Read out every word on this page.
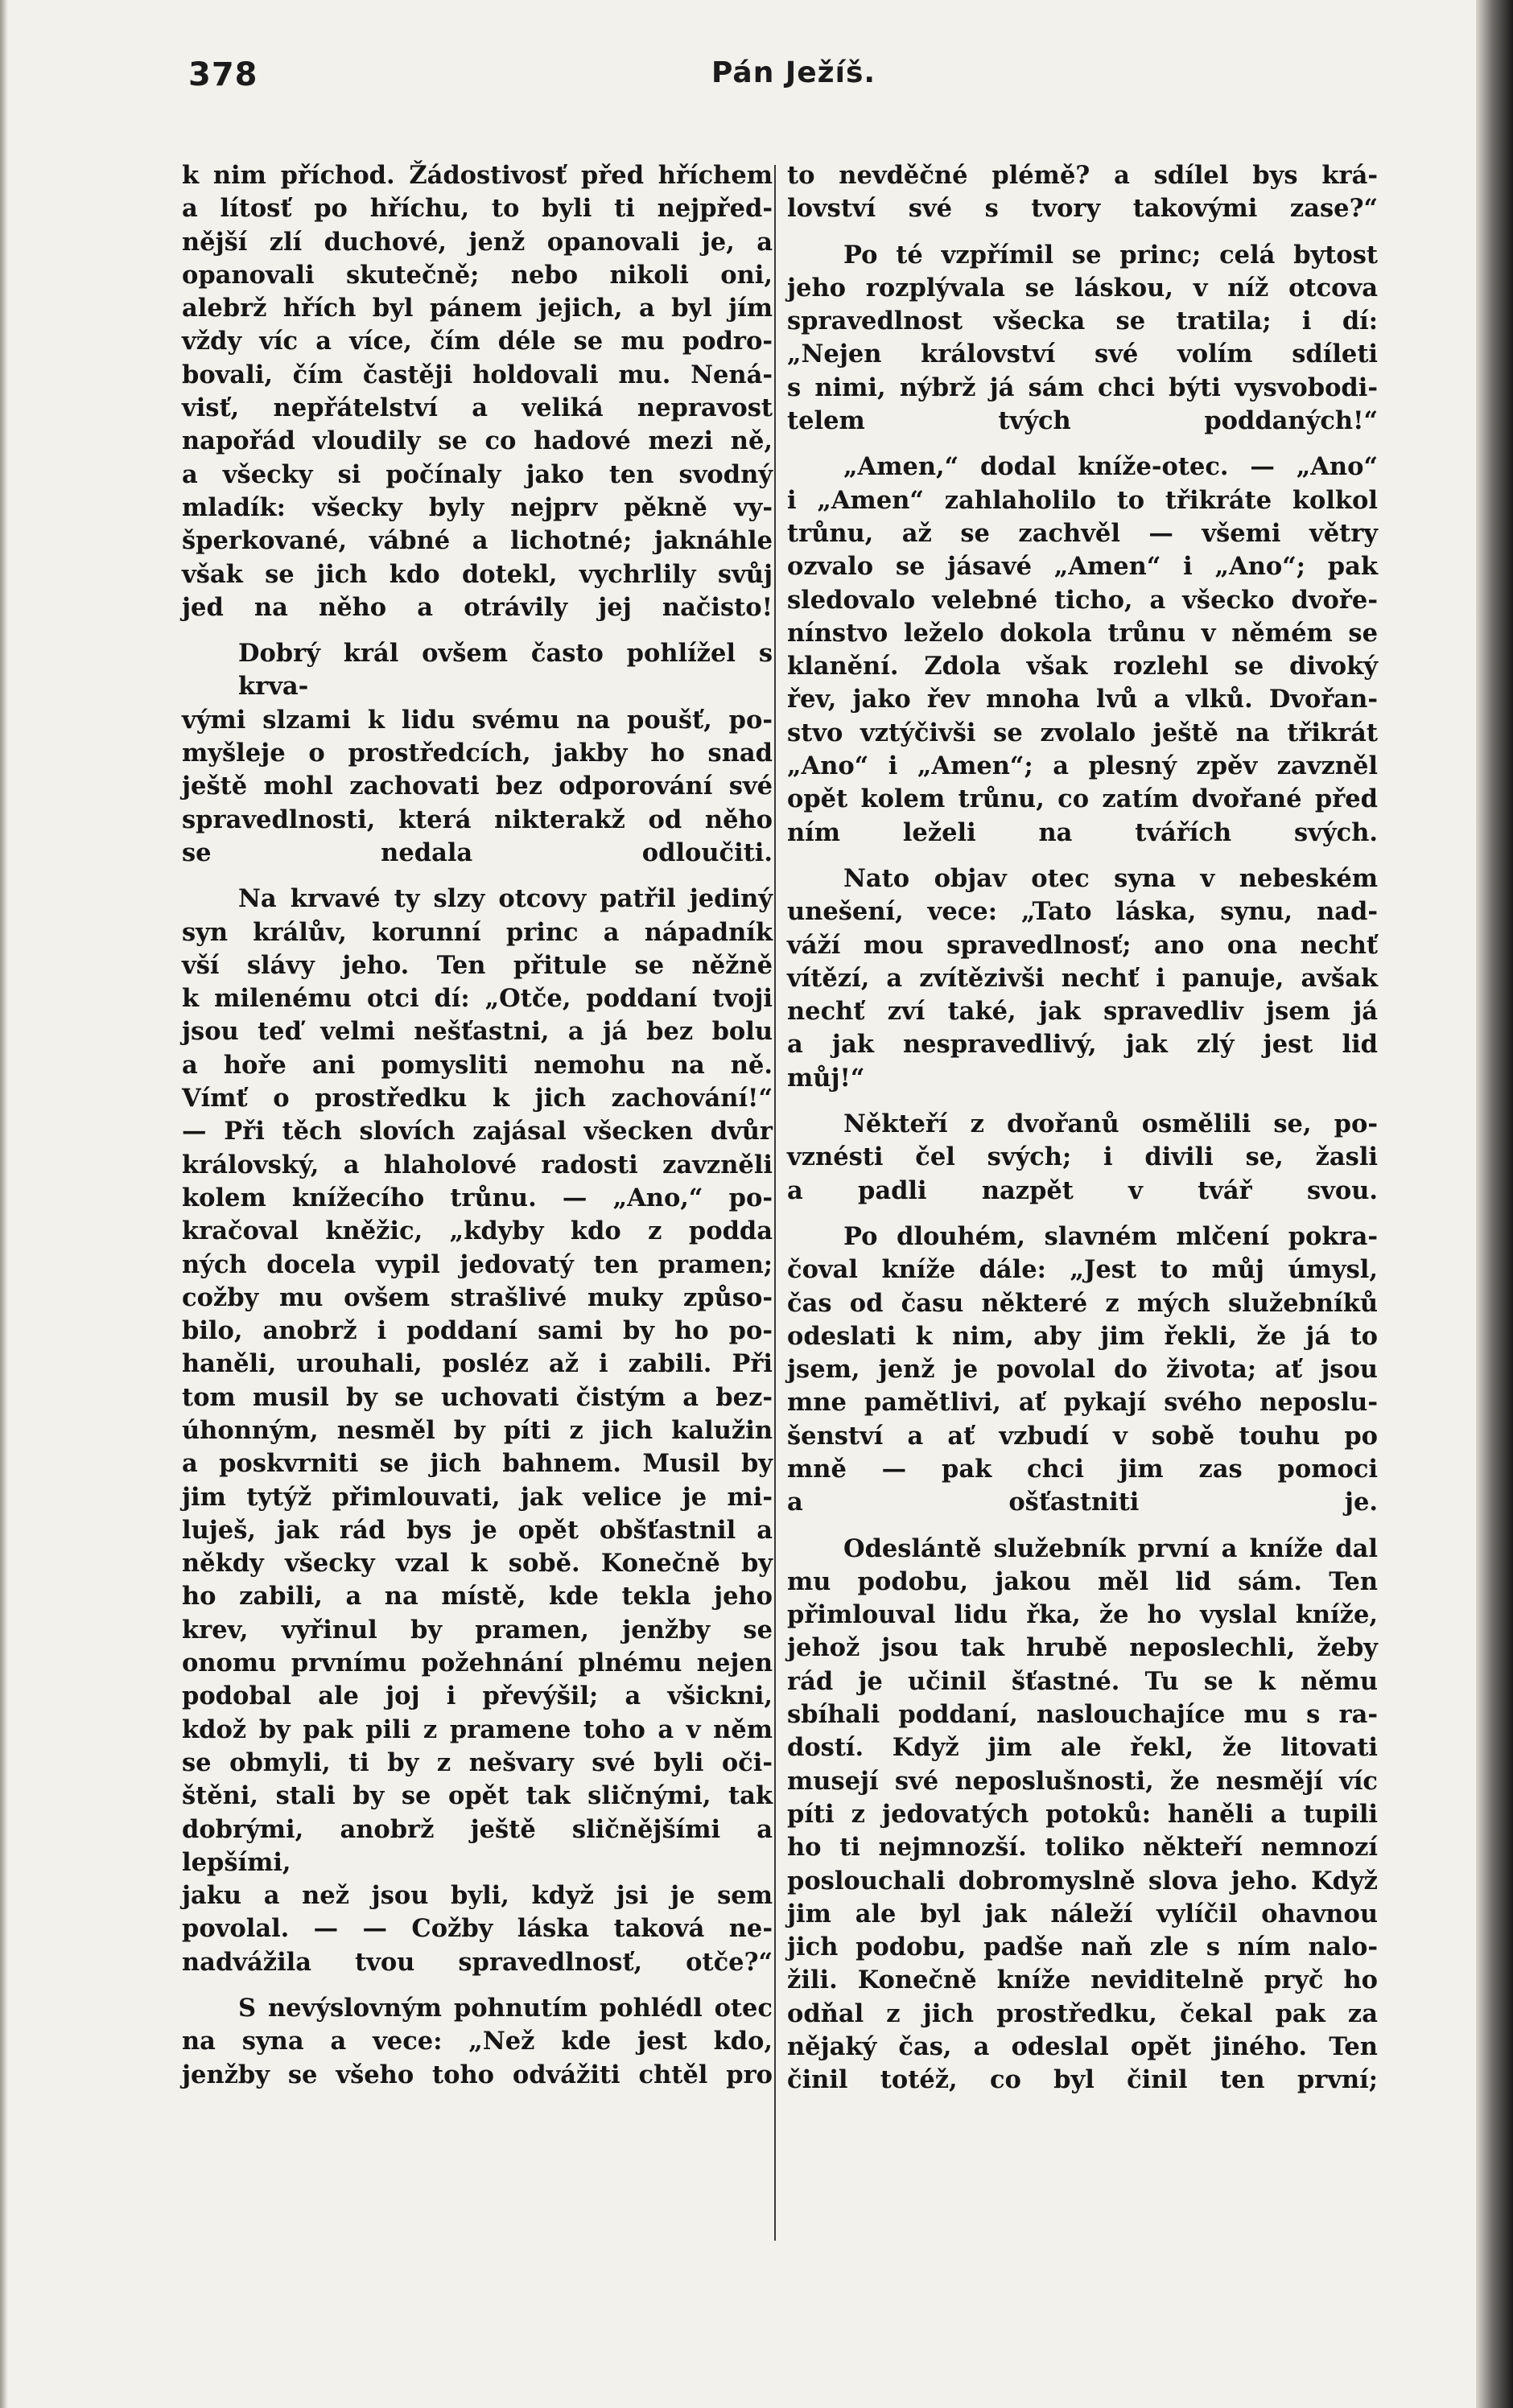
378	Pán Ježíš.
k nim příchod. Žádostivosť před hříchem
a lítosť po hříchu, to byli ti nejpřed-
nější zlí duchové, jenž opanovali je, a
opanovali skutečně; nebo nikoli oni,
alebrž hřích byl pánem jejich, a byl jím
vždy víc a více, čím déle se mu podro-
bovali, čím častěji holdovali mu. Nená-
visť, nepřátelství a veliká nepravost
napořád vloudily se co hadové mezi ně,
a všecky si počínaly jako ten svodný
mladík: všecky byly nejprv pěkně vy-
šperkované, vábné a lichotné; jaknáhle
však se jich kdo dotekl, vychrlily svůj
jed na něho a otrávily jej načisto!
Dobrý král ovšem často pohlížel s krva-
vými slzami k lidu svému na poušť, po-
myšleje o prostředcích, jakby ho snad
ještě mohl zachovati bez odporování své
spravedlnosti, která nikterakž od něho
se nedala odloučiti.
Na krvavé ty slzy otcovy patřil jediný
syn králův, korunní princ a nápadník
vší slávy jeho. Ten přitule se něžně
k milenému otci dí: „Otče, poddaní tvoji
jsou teď velmi nešťastni, a já bez bolu
a hoře ani pomysliti nemohu na ně.
Vímť o prostředku k jich zachování!“
— Při těch slovích zajásal všecken dvůr
královský, a hlaholové radosti zavzněli
kolem knížecího trůnu. — „Ano,“ po-
kračoval kněžic, „kdyby kdo z podda
ných docela vypil jedovatý ten pramen;
cožby mu ovšem strašlivé muky způso-
bilo, anobrž i poddaní sami by ho po-
haněli, urouhali, posléz až i zabili. Při
tom musil by se uchovati čistým a bez-
úhonným, nesměl by píti z jich kalužin
a poskvrniti se jich bahnem. Musil by
jim tytýž přimlouvati, jak velice je mi-
luješ, jak rád bys je opět obšťastnil a
někdy všecky vzal k sobě. Konečně by
ho zabili, a na místě, kde tekla jeho
krev, vyřinul by pramen, jenžby se
onomu prvnímu požehnání plnému nejen
podobal ale joj i převýšil; a všickni,
kdož by pak pili z pramene toho a v něm
se obmyli, ti by z nešvary své byli oči-
štěni, stali by se opět tak sličnými, tak
dobrými, anobrž ještě sličnějšími a lepšími,
jaku a než jsou byli, když jsi je sem
povolal. — — Cožby láska taková ne-
nadvážila tvou spravedlnosť, otče?“
S nevýslovným pohnutím pohlédl otec
na syna a vece: „Než kde jest kdo,
jenžby se všeho toho odvážiti chtěl pro
to nevděčné plémě? a sdílel bys krá-
lovství své s tvory takovými zase?“
Po té vzpřímil se princ; celá bytost
jeho rozplývala se láskou, v níž otcova
spravedlnost všecka se tratila; i dí:
„Nejen království své volím sdíleti
s nimi, nýbrž já sám chci býti vysvobodi-
telem tvých poddaných!“
„Amen,“ dodal kníže-otec. — „Ano“
i „Amen“ zahlaholilo to třikráte kolkol
trůnu, až se zachvěl — všemi větry
ozvalo se jásavé „Amen“ i „Ano“; pak
sledovalo velebné ticho, a všecko dvoře-
nínstvo leželo dokola trůnu v němém se
klanění. Zdola však rozlehl se divoký
řev, jako řev mnoha lvů a vlků. Dvořan-
stvo vztýčivši se zvolalo ještě na třikrát
„Ano“ i „Amen“; a plesný zpěv zavzněl
opět kolem trůnu, co zatím dvořané před
ním leželi na tvářích svých.
Nato objav otec syna v nebeském
unešení, vece: „Tato láska, synu, nad-
váží mou spravedlnosť; ano ona nechť
vítězí, a zvítězivši nechť i panuje, avšak
nechť zví také, jak spravedliv jsem já
a jak nespravedlivý, jak zlý jest lid
můj!“
Někteří z dvořanů osmělili se, po-
vznésti čel svých; i divili se, žasli
a padli nazpět v tvář svou.
Po dlouhém, slavném mlčení pokra-
čoval kníže dále: „Jest to můj úmysl,
čas od času některé z mých služebníků
odeslati k nim, aby jim řekli, že já to
jsem, jenž je povolal do života; ať jsou
mne pamětlivi, ať pykají svého neposlu-
šenství a ať vzbudí v sobě touhu po
mně — pak chci jim zas pomoci
a ošťastniti je.
Odeslántě služebník první a kníže dal
mu podobu, jakou měl lid sám. Ten
přimlouval lidu řka, že ho vyslal kníže,
jehož jsou tak hrubě neposlechli, žeby
rád je učinil šťastné. Tu se k němu
sbíhali poddaní, naslouchajíce mu s ra-
dostí. Když jim ale řekl, že litovati
musejí své neposlušnosti, že nesmějí víc
píti z jedovatých potoků: haněli a tupili
ho ti nejmnozší. toliko někteří nemnozí
poslouchali dobromyslně slova jeho. Když
jim ale byl jak náleží vylíčil ohavnou
jich podobu, padše naň zle s ním nalo-
žili. Konečně kníže neviditelně pryč ho
odňal z jich prostředku, čekal pak za
nějaký čas, a odeslal opět jiného. Ten
činil totéž, co byl činil ten první;
